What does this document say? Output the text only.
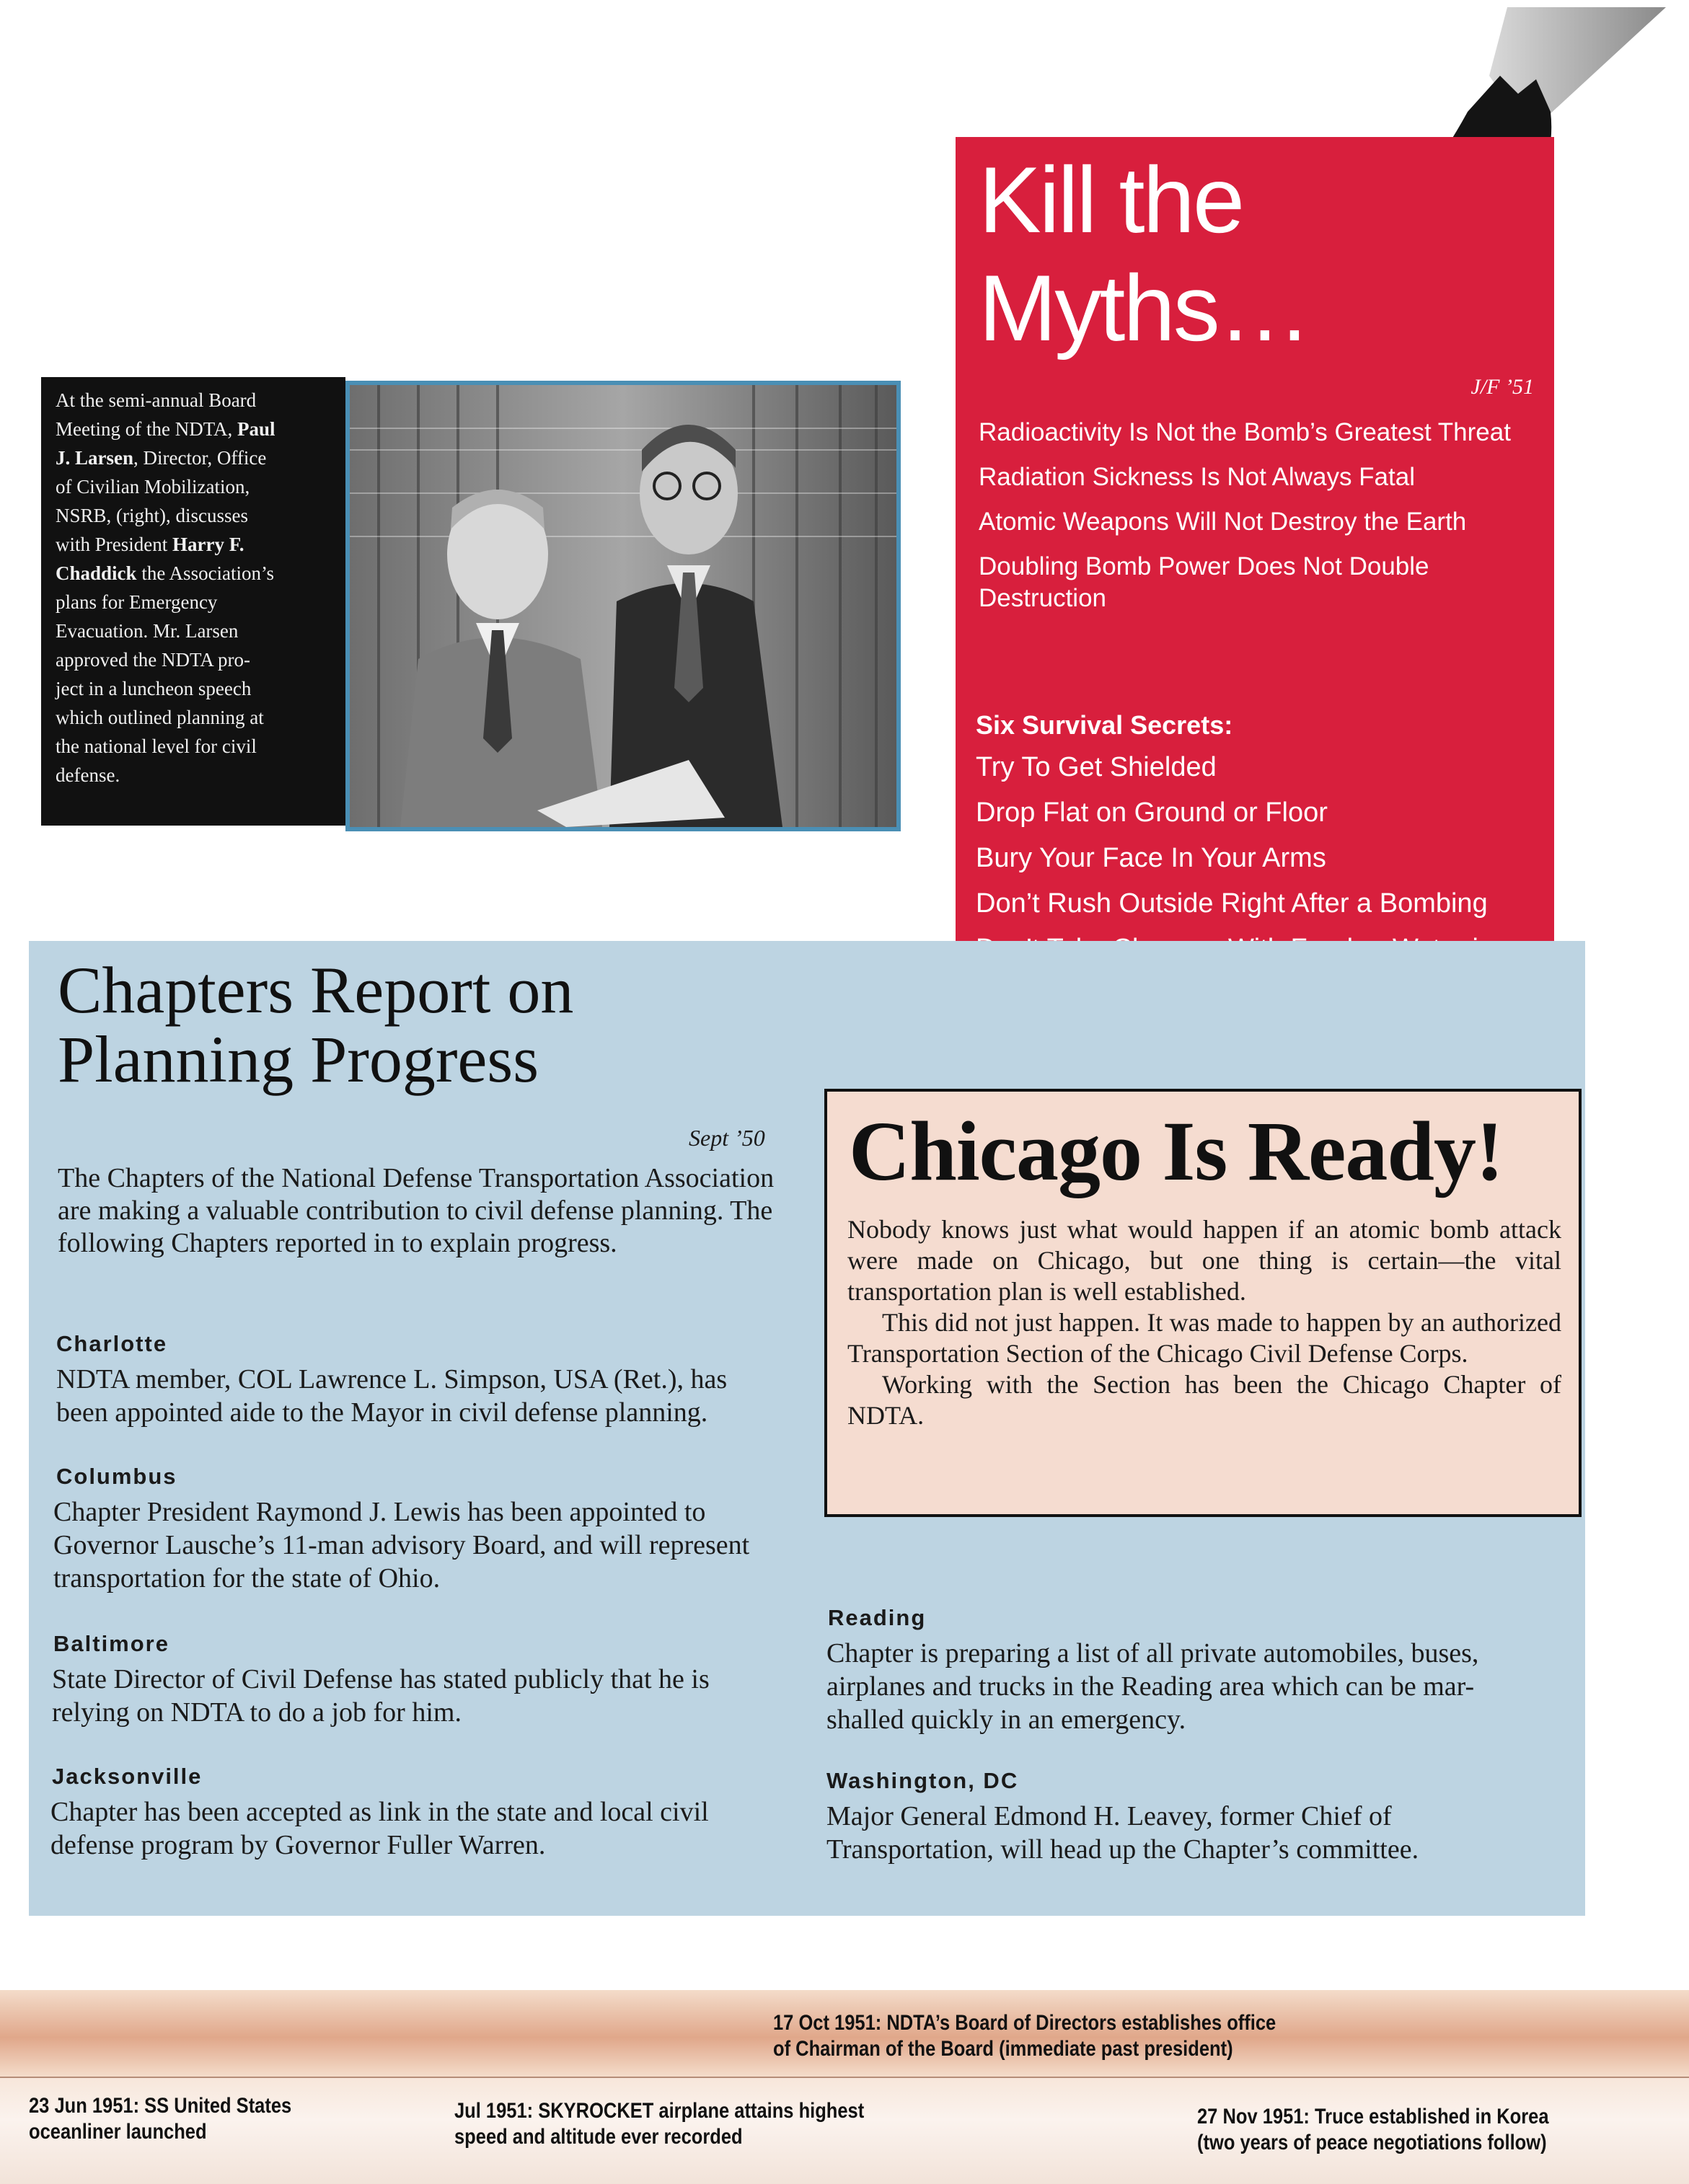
At the semi-annual Board
Meeting of the NDTA, Paul
J. Larsen, Director, Office
of Civilian Mobilization,
NSRB, (right), discusses
with President Harry F.
Chaddick the Association’s
plans for Emergency
Evacuation. Mr. Larsen
approved the NDTA pro-
ject in a luncheon speech
which outlined planning at
the national level for civil
defense.
Kill the
Myths…
J/F ’51
Radioactivity Is Not the Bomb’s Greatest Threat
Radiation Sickness Is Not Always Fatal
Atomic Weapons Will Not Destroy the Earth
Doubling Bomb Power Does Not Double Destruction
Six Survival Secrets:
Try To Get Shielded
Drop Flat on Ground or Floor
Bury Your Face In Your Arms
Don’t Rush Outside Right After a Bombing
Chapters Report on
Planning Progress
Sept ’50
The Chapters of the National Defense Transportation Association are making a valuable contribution to civil defense planning. The following Chapters reported in to explain progress.
Charlotte
NDTA member, COL Lawrence L. Simpson, USA (Ret.), has been appointed aide to the Mayor in civil defense planning.
Columbus
Chapter President Raymond J. Lewis has been appointed to Governor Lausche’s 11-man advisory Board, and will represent transportation for the state of Ohio.
Baltimore
State Director of Civil Defense has stated publicly that he is relying on NDTA to do a job for him.
Jacksonville
Chapter has been accepted as link in the state and local civil defense program by Governor Fuller Warren.
Reading
Chapter is preparing a list of all private automobiles, buses, airplanes and trucks in the Reading area which can be mar-shalled quickly in an emergency.
Washington, DC
Major General Edmond H. Leavey, former Chief of Transportation, will head up the Chapter’s committee.
Chicago Is Ready!

Nobody knows just what would happen if an atomic bomb attack were made on Chicago, but one thing is certain—the vital transportation plan is well established.

This did not just happen. It was made to happen by an authorized Transportation Section of the Chicago Civil Defense Corps.

Working with the Section has been the Chicago Chapter of NDTA.

17 Oct 1951: NDTA’s Board of Directors establishes office
of Chairman of the Board (immediate past president)
23 Jun 1951: SS United States
oceanliner launched
Jul 1951: SKYROCKET airplane attains highest
speed and altitude ever recorded
27 Nov 1951: Truce established in Korea
(two years of peace negotiations follow)
